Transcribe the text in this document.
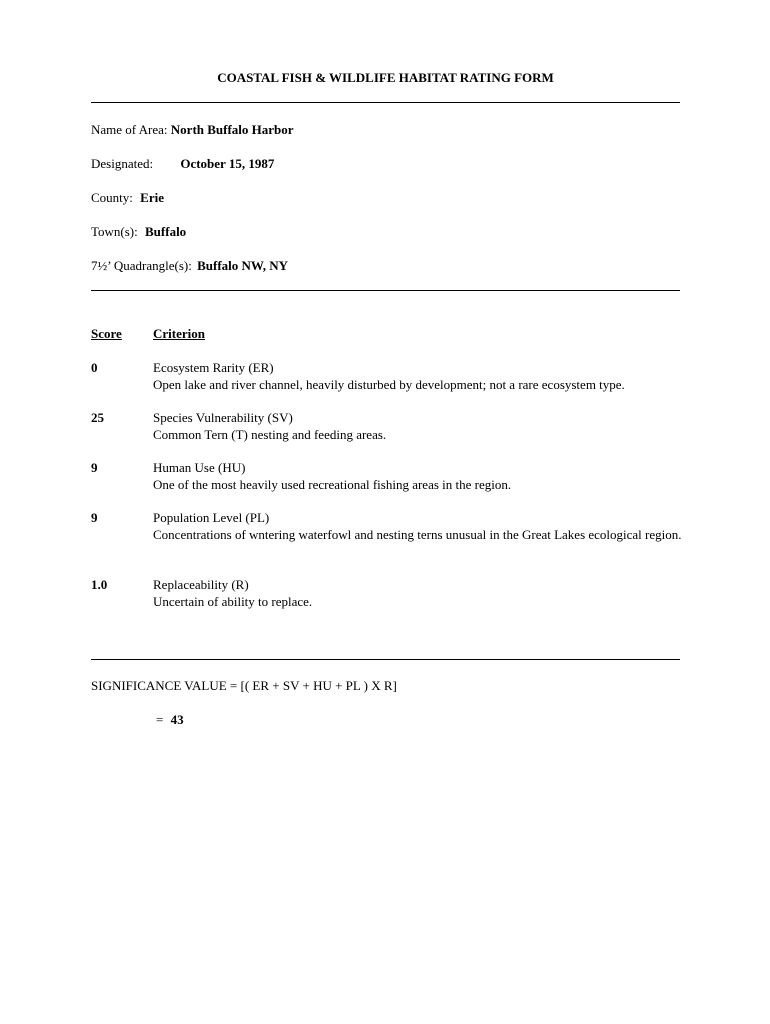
COASTAL FISH & WILDLIFE HABITAT RATING FORM
Name of Area: North Buffalo Harbor
Designated: October 15, 1987
County: Erie
Town(s): Buffalo
7½’ Quadrangle(s): Buffalo NW, NY
Score Criterion
0	Ecosystem Rarity (ER)
Open lake and river channel, heavily disturbed by development; not a rare ecosystem type.
25	Species Vulnerability (SV)
Common Tern (T) nesting and feeding areas.
9	Human Use (HU)
One of the most heavily used recreational fishing areas in the region.
9	Population Level (PL)
Concentrations of wntering waterfowl and nesting terns unusual in the Great Lakes ecological region.
1.0	Replaceability (R)
Uncertain of ability to replace.
SIGNIFICANCE VALUE = [( ER + SV + HU + PL ) X R]
= 43
